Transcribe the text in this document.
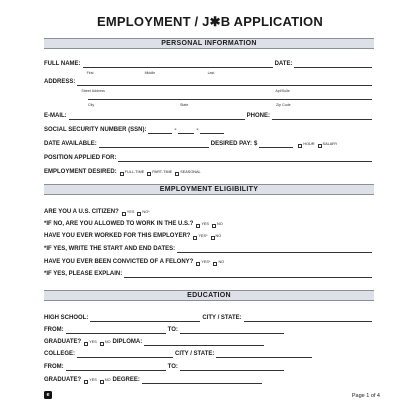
EMPLOYMENT / J✱B APPLICATION
PERSONAL INFORMATION
FULL NAME:
First	Middle	Last
DATE:
ADDRESS:
Street Address	Apt/Suite
City	State	Zip Code
E-MAIL:	PHONE:
SOCIAL SECURITY NUMBER (SSN):	-	-
DATE AVAILABLE:	DESIRED PAY: $	HOUR SALARY
POSITION APPLIED FOR:
EMPLOYMENT DESIRED: FULL-TIME PART-TIME SEASONAL
EMPLOYMENT ELIGIBILITY
ARE YOU A U.S. CITIZEN? YES NO*
*IF NO, ARE YOU ALLOWED TO WORK IN THE U.S.? YES NO
HAVE YOU EVER WORKED FOR THIS EMPLOYER? YES* NO
*IF YES, WRITE THE START AND END DATES:
HAVE YOU EVER BEEN CONVICTED OF A FELONY? YES* NO
*IF YES, PLEASE EXPLAIN:
EDUCATION
HIGH SCHOOL:	CITY / STATE:
FROM:	TO:
GRADUATE? YES NO DIPLOMA:
COLLEGE:	CITY / STATE:
FROM:	TO:
GRADUATE? YES NO DEGREE:
e	Page 1 of 4
